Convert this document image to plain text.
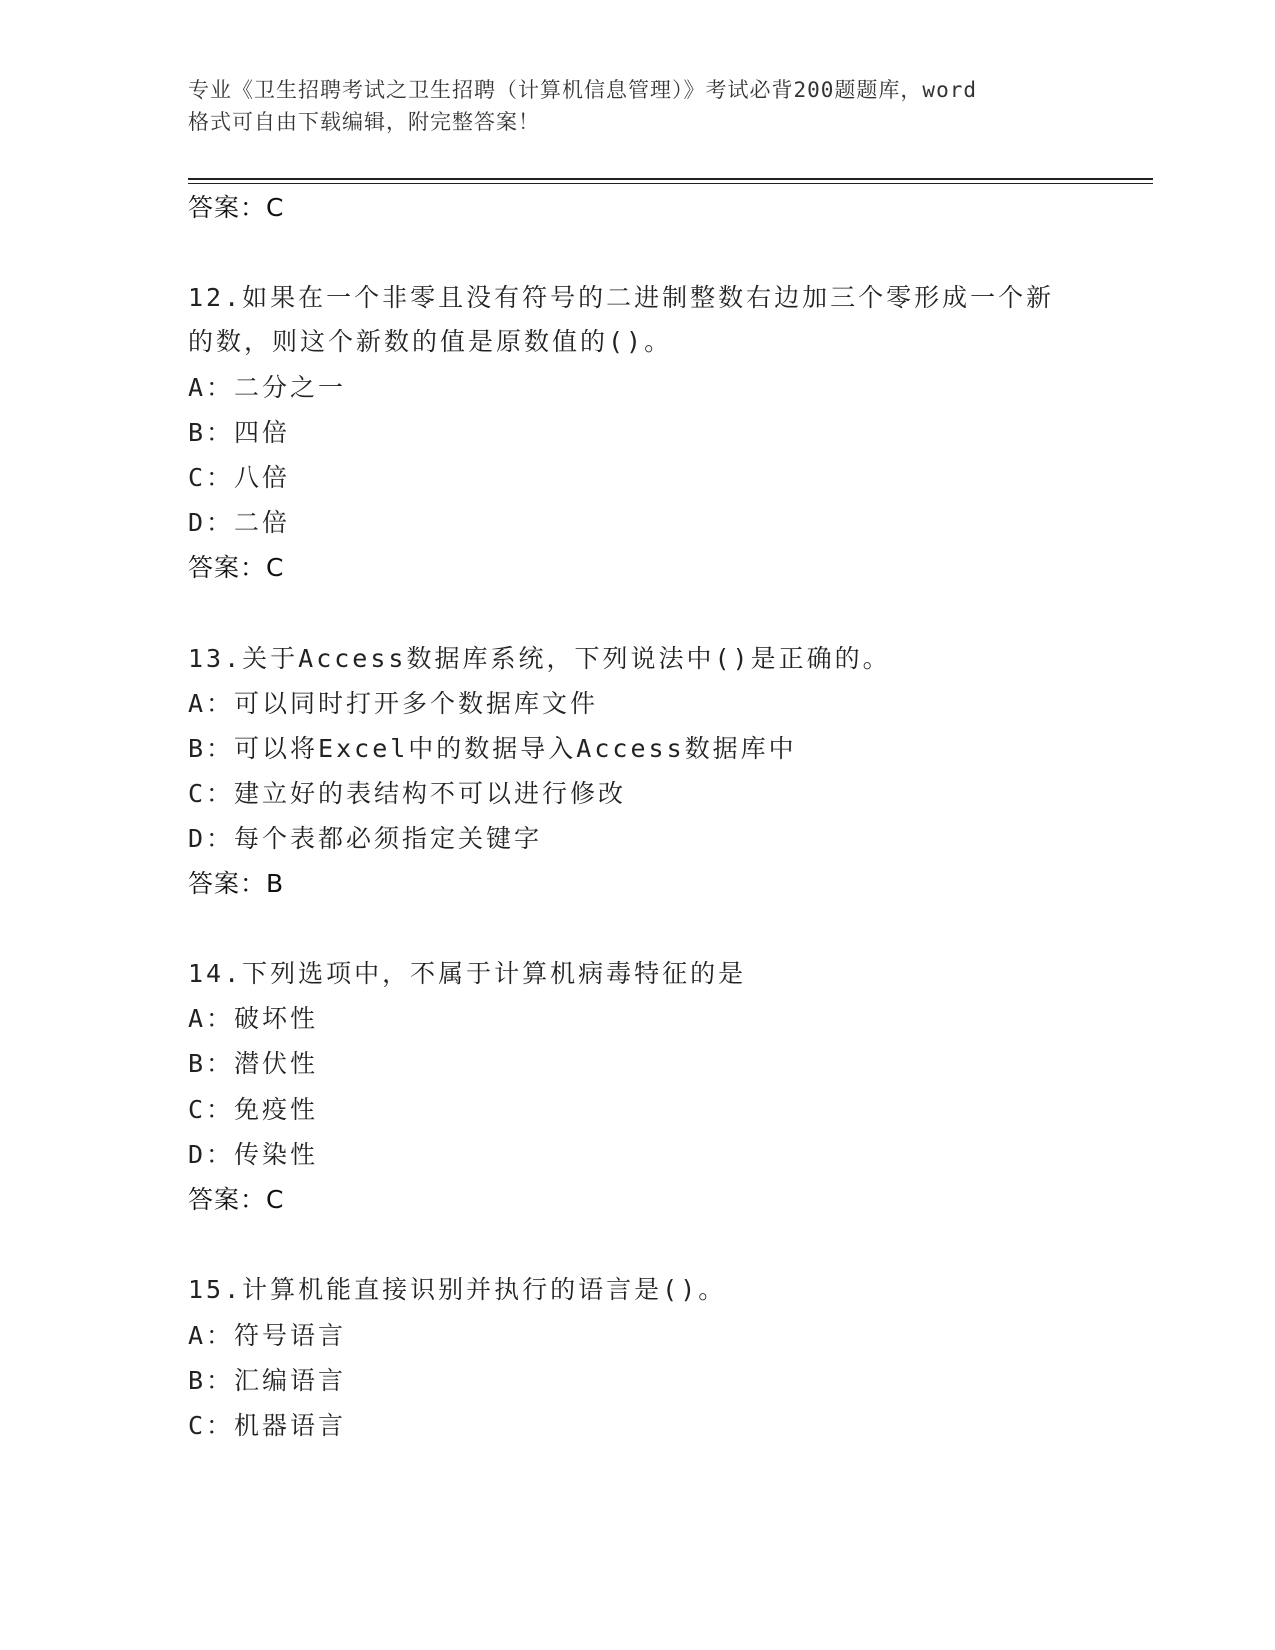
专业《卫生招聘考试之卫生招聘（计算机信息管理）》考试必背200题题库，word
格式可自由下载编辑，附完整答案！
答案：C
12.如果在一个非零且没有符号的二进制整数右边加三个零形成一个新
的数，则这个新数的值是原数值的()。
A：二分之一
B：四倍
C：八倍
D：二倍
答案：C
13.关于Access数据库系统，下列说法中()是正确的。
A：可以同时打开多个数据库文件
B：可以将Excel中的数据导入Access数据库中
C：建立好的表结构不可以进行修改
D：每个表都必须指定关键字
答案：B
14.下列选项中，不属于计算机病毒特征的是
A：破坏性
B：潜伏性
C：免疫性
D：传染性
答案：C
15.计算机能直接识别并执行的语言是()。
A：符号语言
B：汇编语言
C：机器语言
